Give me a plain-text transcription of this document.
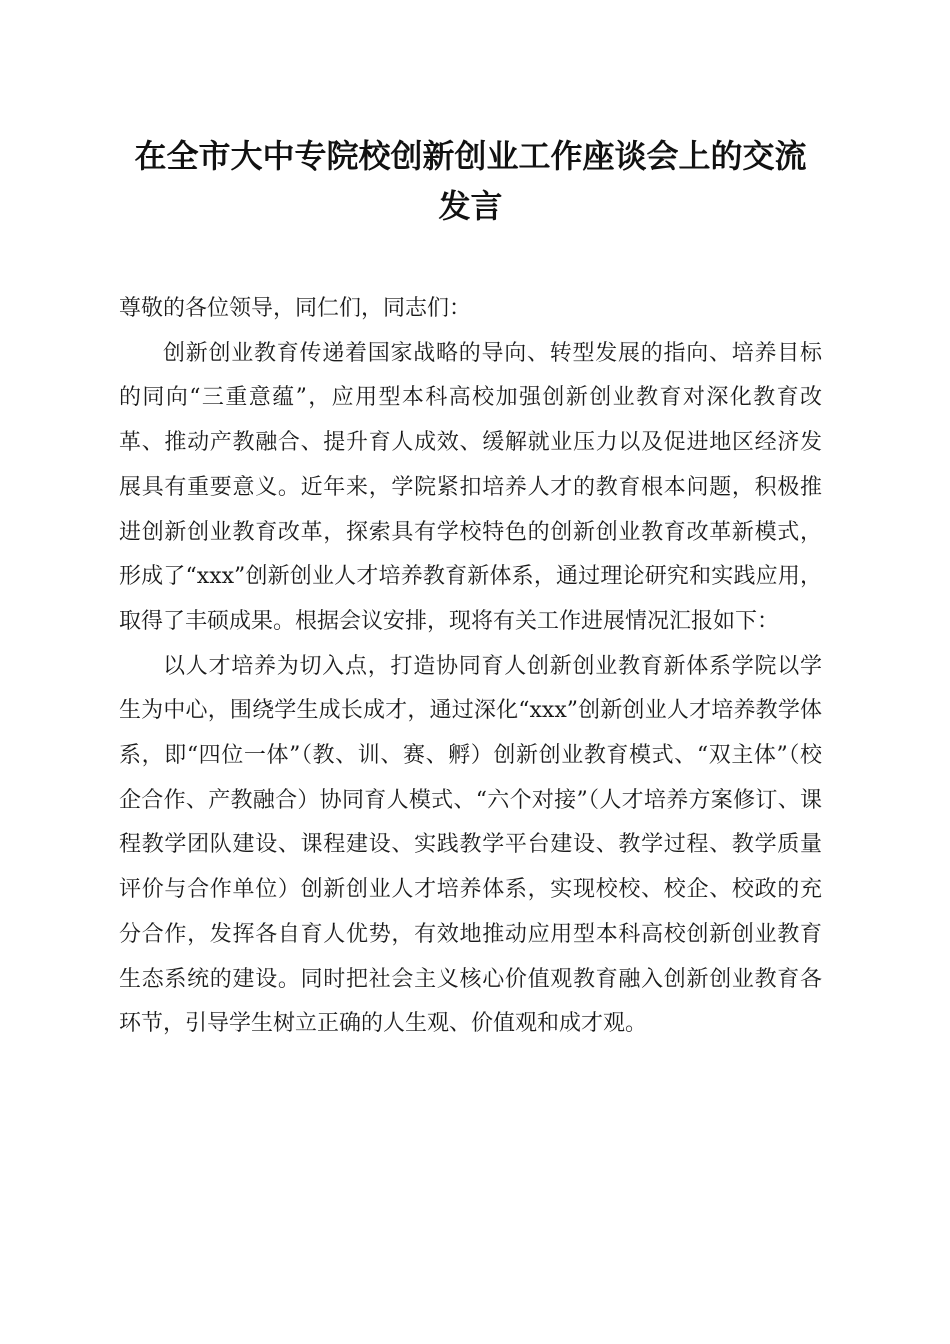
在全市大中专院校创新创业工作座谈会上的交流发言

尊敬的各位领导，同仁们，同志们：

创新创业教育传递着国家战略的导向、转型发展的指向、培养目标的同向“三重意蕴”，应用型本科高校加强创新创业教育对深化教育改革、推动产教融合、提升育人成效、缓解就业压力以及促进地区经济发展具有重要意义。近年来，学院紧扣培养人才的教育根本问题，积极推进创新创业教育改革，探索具有学校特色的创新创业教育改革新模式，形成了“xxx”创新创业人才培养教育新体系，通过理论研究和实践应用，取得了丰硕成果。根据会议安排，现将有关工作进展情况汇报如下：

以人才培养为切入点，打造协同育人创新创业教育新体系学院以学生为中心，围绕学生成长成才，通过深化“xxx”创新创业人才培养教学体系，即“四位一体”（教、训、赛、孵）创新创业教育模式、“双主体”（校企合作、产教融合）协同育人模式、“六个对接”（人才培养方案修订、课程教学团队建设、课程建设、实践教学平台建设、教学过程、教学质量评价与合作单位）创新创业人才培养体系，实现校校、校企、校政的充分合作，发挥各自育人优势，有效地推动应用型本科高校创新创业教育生态系统的建设。同时把社会主义核心价值观教育融入创新创业教育各环节，引导学生树立正确的人生观、价值观和成才观。
